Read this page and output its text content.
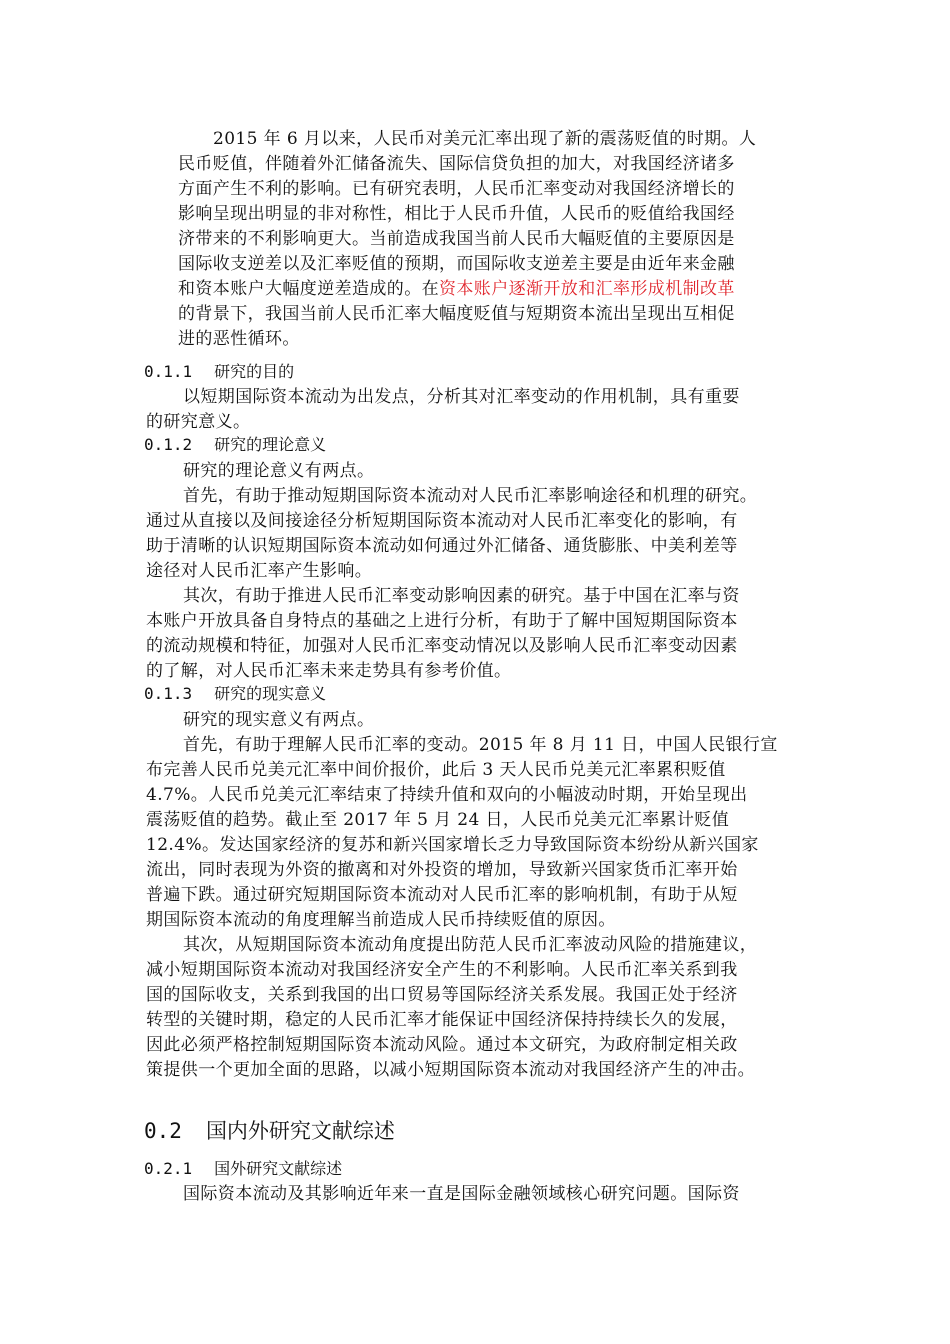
2015 年 6 月以来，人民币对美元汇率出现了新的震荡贬值的时期。人

民币贬值，伴随着外汇储备流失、国际信贷负担的加大，对我国经济诸多

方面产生不利的影响。已有研究表明，人民币汇率变动对我国经济增长的

影响呈现出明显的非对称性，相比于人民币升值，人民币的贬值给我国经

济带来的不利影响更大。当前造成我国当前人民币大幅贬值的主要原因是

国际收支逆差以及汇率贬值的预期，而国际收支逆差主要是由近年来金融

和资本账户大幅度逆差造成的。在资本账户逐渐开放和汇率形成机制改革

的背景下，我国当前人民币汇率大幅度贬值与短期资本流出呈现出互相促

进的恶性循环。

0.1.1 研究的目的

以短期国际资本流动为出发点，分析其对汇率变动的作用机制，具有重要

的研究意义。

0.1.2 研究的理论意义

研究的理论意义有两点。

首先，有助于推动短期国际资本流动对人民币汇率影响途径和机理的研究。

通过从直接以及间接途径分析短期国际资本流动对人民币汇率变化的影响，有

助于清晰的认识短期国际资本流动如何通过外汇储备、通货膨胀、中美利差等

途径对人民币汇率产生影响。

其次，有助于推进人民币汇率变动影响因素的研究。基于中国在汇率与资

本账户开放具备自身特点的基础之上进行分析，有助于了解中国短期国际资本

的流动规模和特征，加强对人民币汇率变动情况以及影响人民币汇率变动因素

的了解，对人民币汇率未来走势具有参考价值。

0.1.3 研究的现实意义

研究的现实意义有两点。

首先，有助于理解人民币汇率的变动。2015 年 8 月 11 日，中国人民银行宣

布完善人民币兑美元汇率中间价报价，此后 3 天人民币兑美元汇率累积贬值

4.7%。人民币兑美元汇率结束了持续升值和双向的小幅波动时期，开始呈现出

震荡贬值的趋势。截止至 2017 年 5 月 24 日，人民币兑美元汇率累计贬值

12.4%。发达国家经济的复苏和新兴国家增长乏力导致国际资本纷纷从新兴国家

流出，同时表现为外资的撤离和对外投资的增加，导致新兴国家货币汇率开始

普遍下跌。通过研究短期国际资本流动对人民币汇率的影响机制，有助于从短

期国际资本流动的角度理解当前造成人民币持续贬值的原因。

其次，从短期国际资本流动角度提出防范人民币汇率波动风险的措施建议，

减小短期国际资本流动对我国经济安全产生的不利影响。人民币汇率关系到我

国的国际收支，关系到我国的出口贸易等国际经济关系发展。我国正处于经济

转型的关键时期，稳定的人民币汇率才能保证中国经济保持持续长久的发展，

因此必须严格控制短期国际资本流动风险。通过本文研究，为政府制定相关政

策提供一个更加全面的思路，以减小短期国际资本流动对我国经济产生的冲击。

0.2 国内外研究文献综述

0.2.1 国外研究文献综述

国际资本流动及其影响近年来一直是国际金融领域核心研究问题。国际资
